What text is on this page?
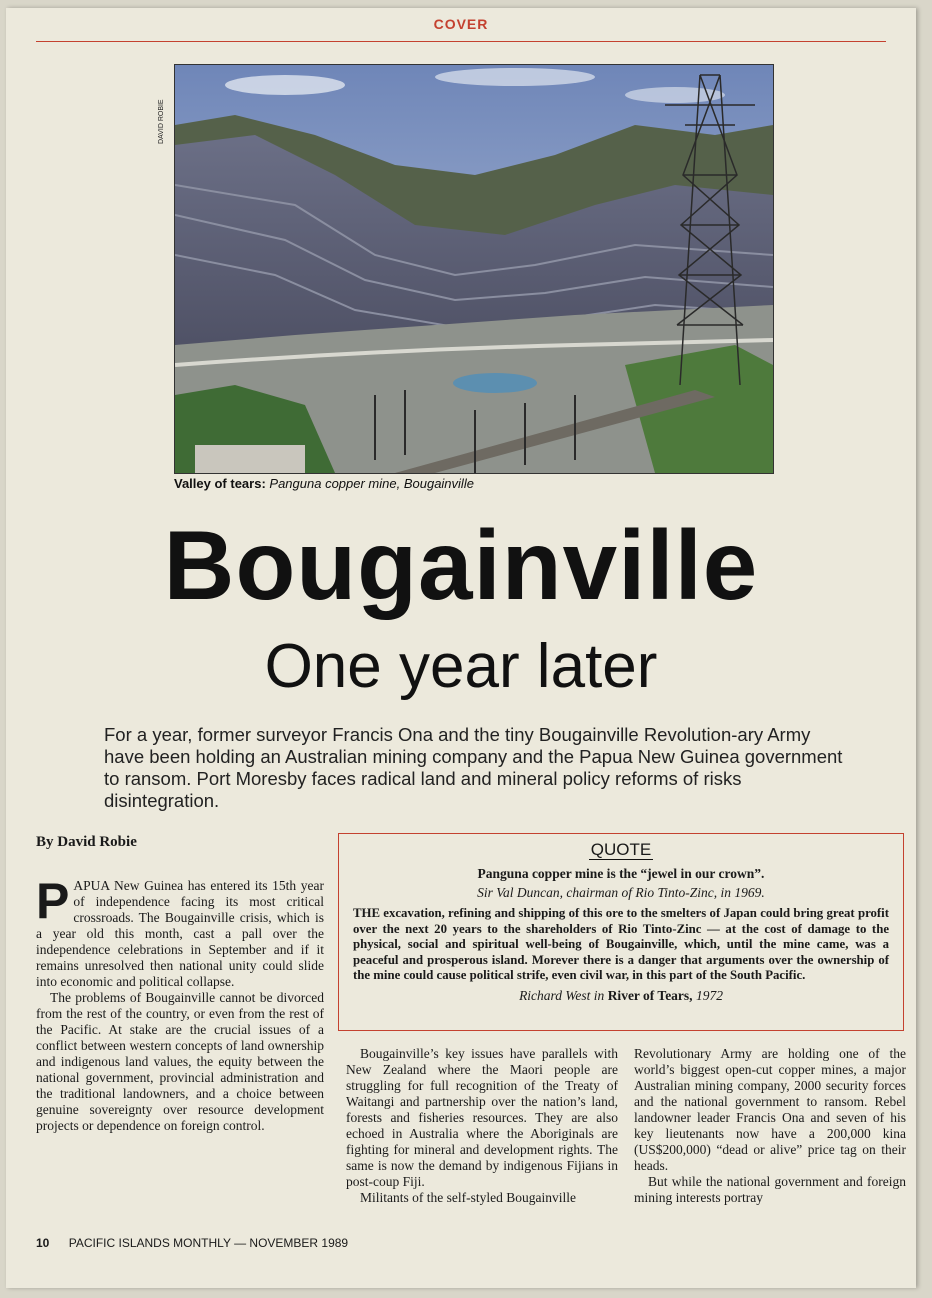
COVER
DAVID ROBIE
Valley of tears: Panguna copper mine, Bougainville
Bougainville
One year later
For a year, former surveyor Francis Ona and the tiny Bougainville Revolution-ary Army have been holding an Australian mining company and the Papua New Guinea government to ransom. Port Moresby faces radical land and mineral policy reforms of risks disintegration.
By David Robie	QUOTE

Panguna copper mine is the “jewel in our crown”.

Sir Val Duncan, chairman of Rio Tinto-Zinc, in 1969.

THE excavation, refining and shipping of this ore to the smelters of Japan could bring great profit over the next 20 years to the shareholders of Rio Tinto-Zinc — at the cost of damage to the physical, social and spiritual well-being of Bougainville, which, until the mine came, was a peaceful and prosperous island. Morever there is a danger that arguments over the ownership of the mine could cause political strife, even civil war, in this part of the South Pacific.

Richard West in River of Tears, 1972

PAPUA New Guinea has entered its 15th year of independence facing its most critical crossroads. The Bougainville crisis, which is a year old this month, cast a pall over the independence celebrations in September and if it remains unresolved then national unity could slide into economic and political collapse.

The problems of Bougainville cannot be divorced from the rest of the country, or even from the rest of the Pacific. At stake are the crucial issues of a conflict between western concepts of land ownership and indigenous land values, the equity between the national government, provincial administration and the traditional landowners, and a choice between genuine sovereignty over resource development projects or dependence on foreign control.

Bougainville’s key issues have parallels with New Zealand where the Maori people are struggling for full recognition of the Treaty of Waitangi and partnership over the nation’s land, forests and fisheries resources. They are also echoed in Australia where the Aboriginals are fighting for mineral and development rights. The same is now the demand by indigenous Fijians in post-coup Fiji.

Militants of the self-styled Bougainville

Revolutionary Army are holding one of the world’s biggest open-cut copper mines, a major Australian mining company, 2000 security forces and the national government to ransom. Rebel landowner leader Francis Ona and seven of his key lieutenants now have a 200,000 kina (US$200,000) “dead or alive” price tag on their heads.

But while the national government and foreign mining interests portray

10 PACIFIC ISLANDS MONTHLY — NOVEMBER 1989
